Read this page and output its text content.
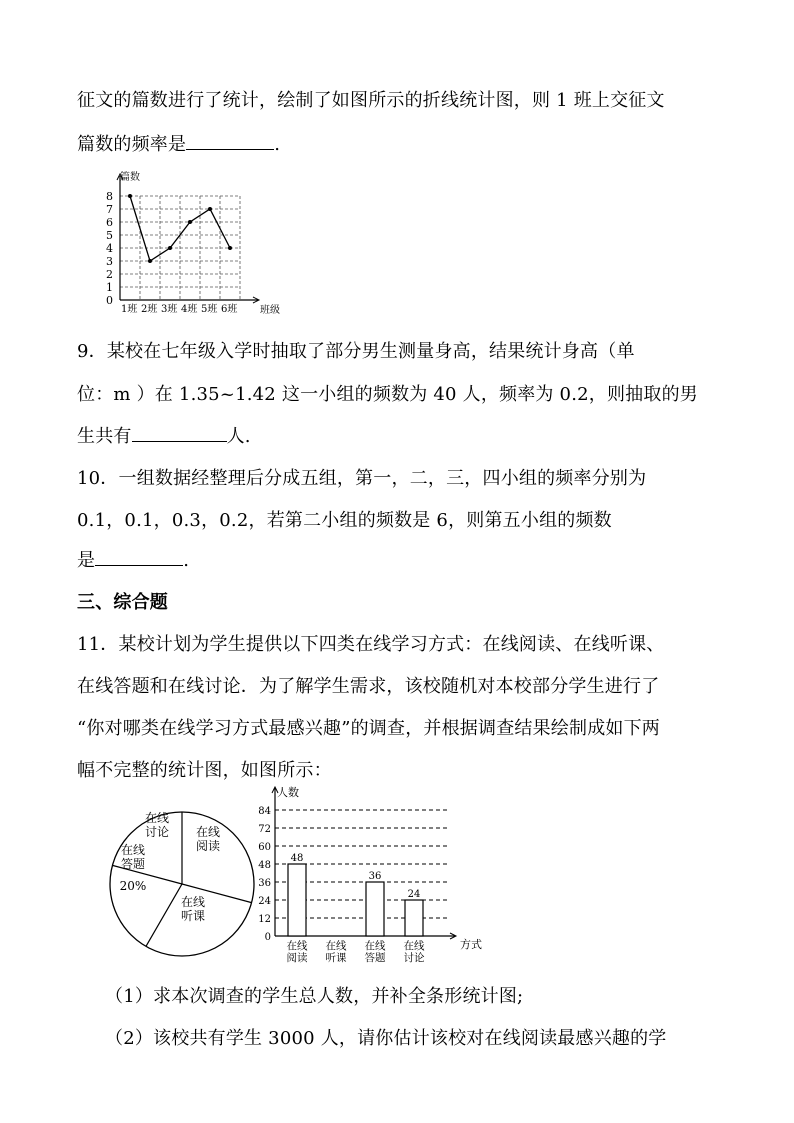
征文的篇数进行了统计，绘制了如图所示的折线统计图，则 1 班上交征文
篇数的频率是	.
0
1
2
3
4
5
6
7
8
1班 2班 3班 4班 5班 6班
篇数
班级
9．某校在七年级入学时抽取了部分男生测量身高，结果统计身高（单
位：m ）在 1.35~1.42 这一小组的频数为 40 人，频率为 0.2，则抽取的男
生共有	人.
10．一组数据经整理后分成五组，第一，二，三，四小组的频率分别为
0.1，0.1，0.3，0.2，若第二小组的频数是 6，则第五小组的频数
是	.
三、综合题
11．某校计划为学生提供以下四类在线学习方式：在线阅读、在线听课、
在线答题和在线讨论．为了解学生需求，该校随机对本校部分学生进行了
“你对哪类在线学习方式最感兴趣”的调查，并根据调查结果绘制成如下两
幅不完整的统计图，如图所示：
在线
阅读
在线
听课
在线
答题
在线
讨论
20%
0
12
24
36
48
60
72
84
48
36
24
在线
阅读
在线
听课
在线
答题
在线
讨论
人数
方式
（1）求本次调查的学生总人数，并补全条形统计图;
（2）该校共有学生 3000 人，请你估计该校对在线阅读最感兴趣的学
